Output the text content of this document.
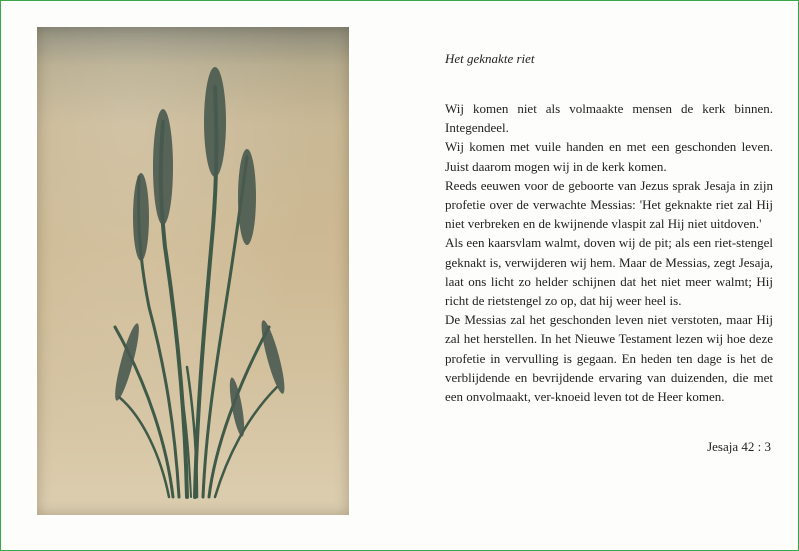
Het geknakte riet

Wij komen niet als volmaakte mensen de kerk binnen. Integendeel.

Wij komen met vuile handen en met een geschonden leven. Juist daarom mogen wij in de kerk komen.

Reeds eeuwen voor de geboorte van Jezus sprak Jesaja in zijn profetie over de verwachte Messias: 'Het geknakte riet zal Hij niet verbreken en de kwijnende vlaspit zal Hij niet uitdoven.'

Als een kaarsvlam walmt, doven wij de pit; als een riet-stengel geknakt is, verwijderen wij hem. Maar de Messias, zegt Jesaja, laat ons licht zo helder schijnen dat het niet meer walmt; Hij richt de rietstengel zo op, dat hij weer heel is.

De Messias zal het geschonden leven niet verstoten, maar Hij zal het herstellen. In het Nieuwe Testament lezen wij hoe deze profetie in vervulling is gegaan. En heden ten dage is het de verblijdende en bevrijdende ervaring van duizenden, die met een onvolmaakt, ver-knoeid leven tot de Heer komen.

Jesaja 42 : 3
